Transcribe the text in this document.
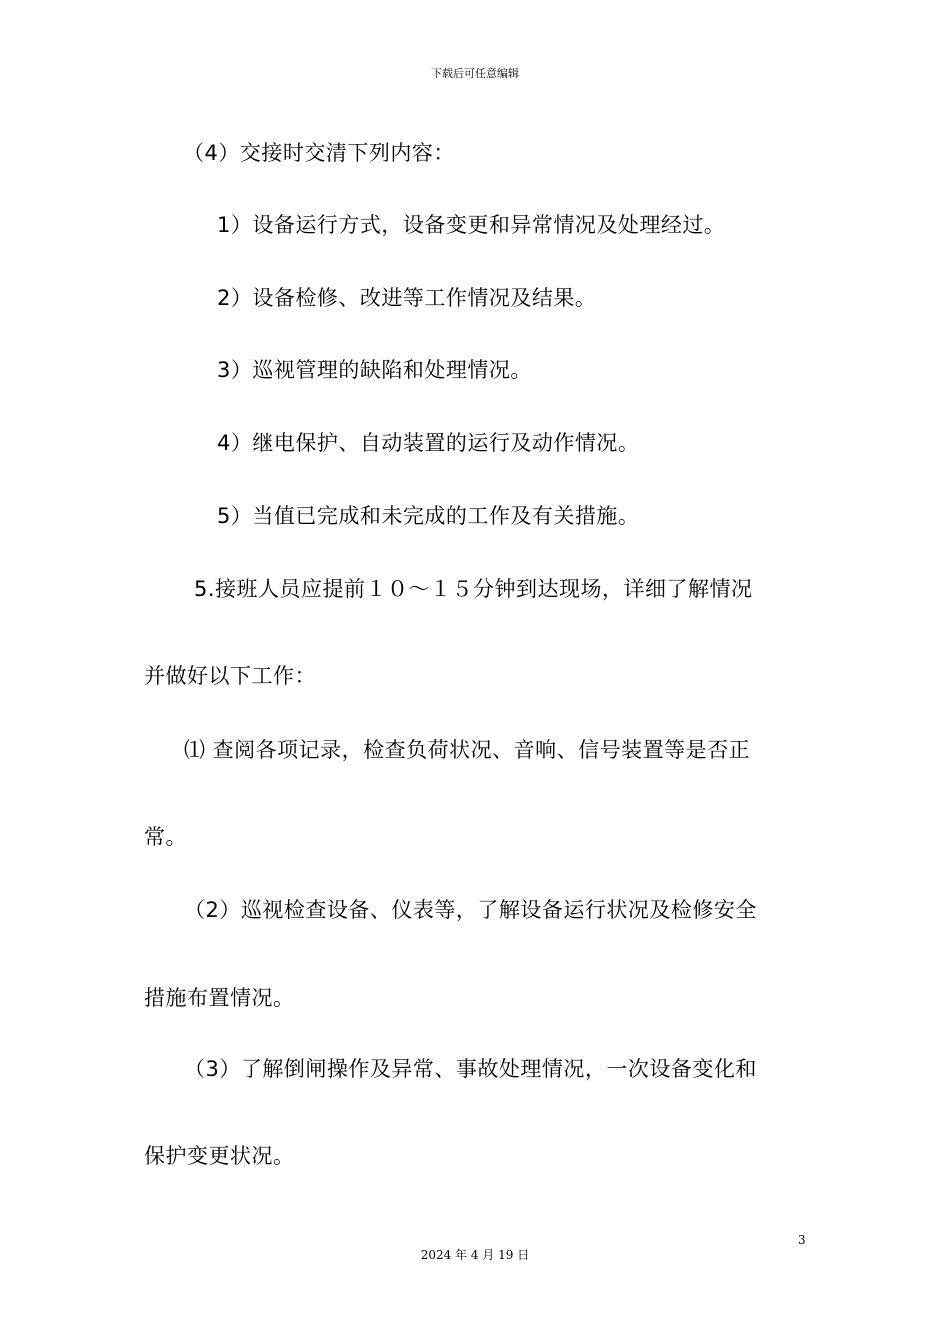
下载后可任意编辑
（4）交接时交清下列内容：
1）设备运行方式，设备变更和异常情况及处理经过。
2）设备检修、改进等工作情况及结果。
3）巡视管理的缺陷和处理情况。
4）继电保护、自动装置的运行及动作情况。
5）当值已完成和未完成的工作及有关措施。
5.接班人员应提前１０～１５分钟到达现场，详细了解情况
并做好以下工作：
⑴ 查阅各项记录，检查负荷状况、音响、信号装置等是否正
常。
（2）巡视检查设备、仪表等，了解设备运行状况及检修安全
措施布置情况。
（3）了解倒闸操作及异常、事故处理情况，一次设备变化和
保护变更状况。
3
2024 年 4 月 19 日
